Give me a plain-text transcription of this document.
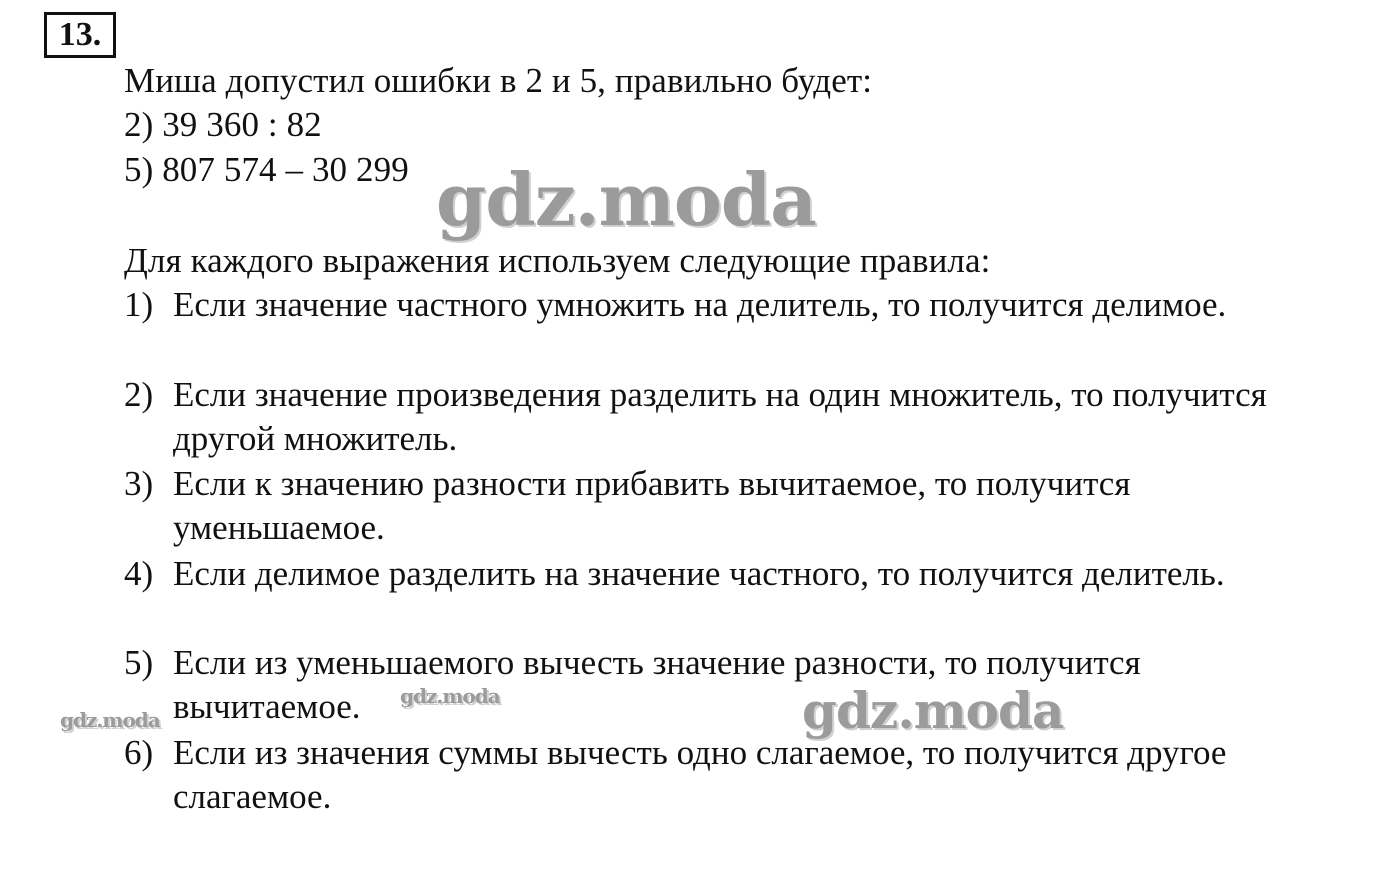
13.
Миша допустил ошибки в 2 и 5, правильно будет:
2) 39 360 : 82
5) 807 574 – 30 299
Для каждого выражения используем следующие правила:
1) Если значение частного умножить на делитель, то получится делимое.
2) Если значение произведения разделить на один множитель, то получится другой множитель.
3) Если к значению разности прибавить вычитаемое, то получится уменьшаемое.
4) Если делимое разделить на значение частного, то получится делитель.
5) Если из уменьшаемого вычесть значение разности, то получится вычитаемое.
6) Если из значения суммы вычесть одно слагаемое, то получится другое слагаемое.
gdz.moda
gdz.moda
gdz.moda
gdz.moda
